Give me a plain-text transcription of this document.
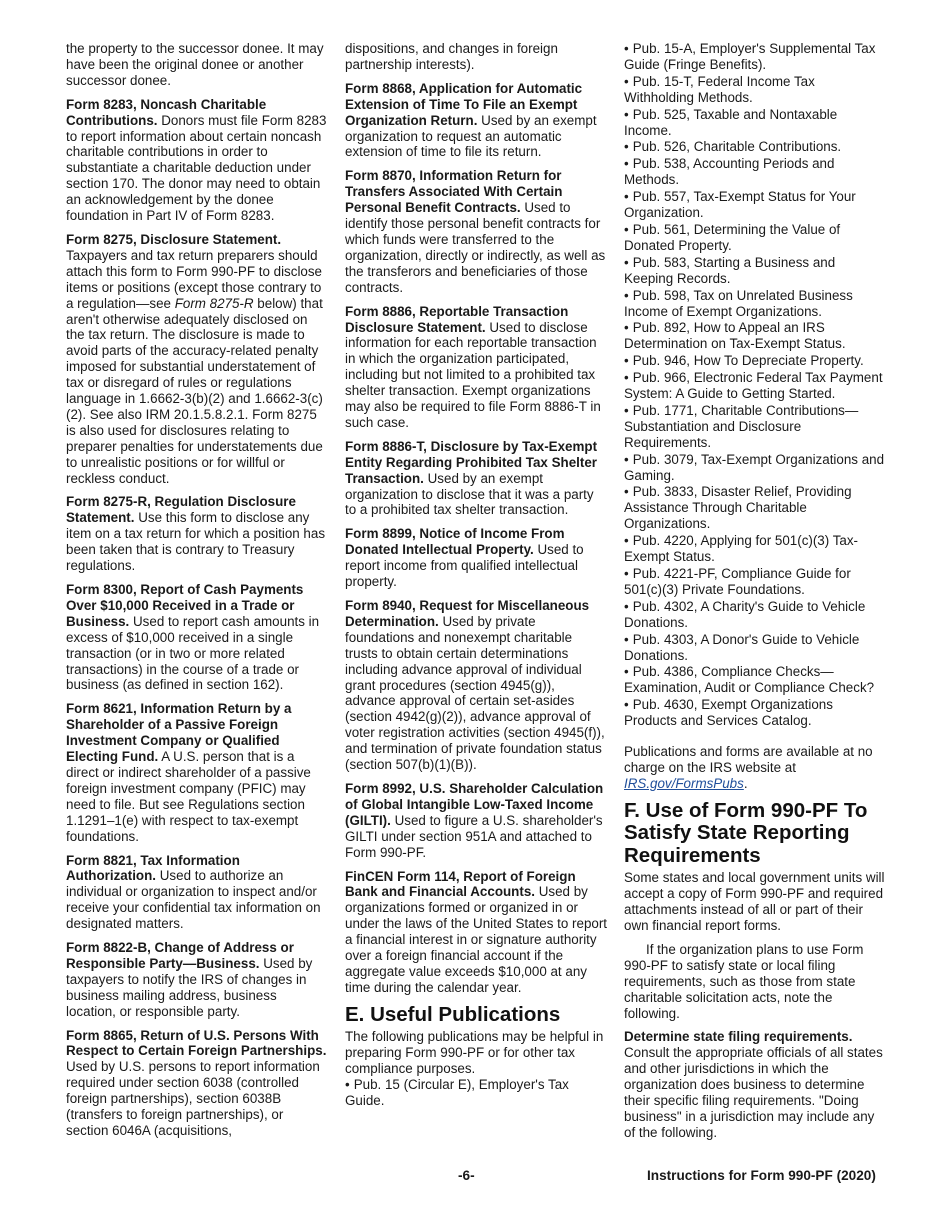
the property to the successor donee. It may have been the original donee or another successor donee.

Form 8283, Noncash Charitable Contributions. Donors must file Form 8283 to report information about certain noncash charitable contributions in order to substantiate a charitable deduction under section 170. The donor may need to obtain an acknowledgement by the donee foundation in Part IV of Form 8283.

Form 8275, Disclosure Statement. Taxpayers and tax return preparers should attach this form to Form 990-PF to disclose items or positions (except those contrary to a regulation—see Form 8275-R below) that aren't otherwise adequately disclosed on the tax return. The disclosure is made to avoid parts of the accuracy-related penalty imposed for substantial understatement of tax or disregard of rules or regulations language in 1.6662-3(b)(2) and 1.6662-3(c)(2). See also IRM 20.1.5.8.2.1. Form 8275 is also used for disclosures relating to preparer penalties for understatements due to unrealistic positions or for willful or reckless conduct.

Form 8275-R, Regulation Disclosure Statement. Use this form to disclose any item on a tax return for which a position has been taken that is contrary to Treasury regulations.

Form 8300, Report of Cash Payments Over $10,000 Received in a Trade or Business. Used to report cash amounts in excess of $10,000 received in a single transaction (or in two or more related transactions) in the course of a trade or business (as defined in section 162).

Form 8621, Information Return by a Shareholder of a Passive Foreign Investment Company or Qualified Electing Fund. A U.S. person that is a direct or indirect shareholder of a passive foreign investment company (PFIC) may need to file. But see Regulations section 1.1291–1(e) with respect to tax-exempt foundations.

Form 8821, Tax Information Authorization. Used to authorize an individual or organization to inspect and/or receive your confidential tax information on designated matters.

Form 8822-B, Change of Address or Responsible Party—Business. Used by taxpayers to notify the IRS of changes in business mailing address, business location, or responsible party.

Form 8865, Return of U.S. Persons With Respect to Certain Foreign Partnerships. Used by U.S. persons to report information required under section 6038 (controlled foreign partnerships), section 6038B (transfers to foreign partnerships), or section 6046A (acquisitions,

dispositions, and changes in foreign partnership interests).

Form 8868, Application for Automatic Extension of Time To File an Exempt Organization Return. Used by an exempt organization to request an automatic extension of time to file its return.

Form 8870, Information Return for Transfers Associated With Certain Personal Benefit Contracts. Used to identify those personal benefit contracts for which funds were transferred to the organization, directly or indirectly, as well as the transferors and beneficiaries of those contracts.

Form 8886, Reportable Transaction Disclosure Statement. Used to disclose information for each reportable transaction in which the organization participated, including but not limited to a prohibited tax shelter transaction. Exempt organizations may also be required to file Form 8886-T in such case.

Form 8886-T, Disclosure by Tax-Exempt Entity Regarding Prohibited Tax Shelter Transaction. Used by an exempt organization to disclose that it was a party to a prohibited tax shelter transaction.

Form 8899, Notice of Income From Donated Intellectual Property. Used to report income from qualified intellectual property.

Form 8940, Request for Miscellaneous Determination. Used by private foundations and nonexempt charitable trusts to obtain certain determinations including advance approval of individual grant procedures (section 4945(g)), advance approval of certain set-asides (section 4942(g)(2)), advance approval of voter registration activities (section 4945(f)), and termination of private foundation status (section 507(b)(1)(B)).

Form 8992, U.S. Shareholder Calculation of Global Intangible Low-Taxed Income (GILTI). Used to figure a U.S. shareholder's GILTI under section 951A and attached to Form 990-PF.

FinCEN Form 114, Report of Foreign Bank and Financial Accounts. Used by organizations formed or organized in or under the laws of the United States to report a financial interest in or signature authority over a foreign financial account if the aggregate value exceeds $10,000 at any time during the calendar year.

E. Useful Publications

The following publications may be helpful in preparing Form 990-PF or for other tax compliance purposes.

• Pub. 15 (Circular E), Employer's Tax Guide.

• Pub. 15-A, Employer's Supplemental Tax Guide (Fringe Benefits).

• Pub. 15-T, Federal Income Tax Withholding Methods.

• Pub. 525, Taxable and Nontaxable Income.

• Pub. 526, Charitable Contributions.

• Pub. 538, Accounting Periods and Methods.

• Pub. 557, Tax-Exempt Status for Your Organization.

• Pub. 561, Determining the Value of Donated Property.

• Pub. 583, Starting a Business and Keeping Records.

• Pub. 598, Tax on Unrelated Business Income of Exempt Organizations.

• Pub. 892, How to Appeal an IRS Determination on Tax-Exempt Status.

• Pub. 946, How To Depreciate Property.

• Pub. 966, Electronic Federal Tax Payment System: A Guide to Getting Started.

• Pub. 1771, Charitable Contributions—Substantiation and Disclosure Requirements.

• Pub. 3079, Tax-Exempt Organizations and Gaming.

• Pub. 3833, Disaster Relief, Providing Assistance Through Charitable Organizations.

• Pub. 4220, Applying for 501(c)(3) Tax-Exempt Status.

• Pub. 4221-PF, Compliance Guide for 501(c)(3) Private Foundations.

• Pub. 4302, A Charity's Guide to Vehicle Donations.

• Pub. 4303, A Donor's Guide to Vehicle Donations.

• Pub. 4386, Compliance Checks—Examination, Audit or Compliance Check?

• Pub. 4630, Exempt Organizations Products and Services Catalog.

Publications and forms are available at no charge on the IRS website at IRS.gov/FormsPubs.

F. Use of Form 990-PF To Satisfy State Reporting Requirements

Some states and local government units will accept a copy of Form 990-PF and required attachments instead of all or part of their own financial report forms.

If the organization plans to use Form 990-PF to satisfy state or local filing requirements, such as those from state charitable solicitation acts, note the following.

Determine state filing requirements. Consult the appropriate officials of all states and other jurisdictions in which the organization does business to determine their specific filing requirements. "Doing business" in a jurisdiction may include any of the following.

-6-	Instructions for Form 990-PF (2020)
